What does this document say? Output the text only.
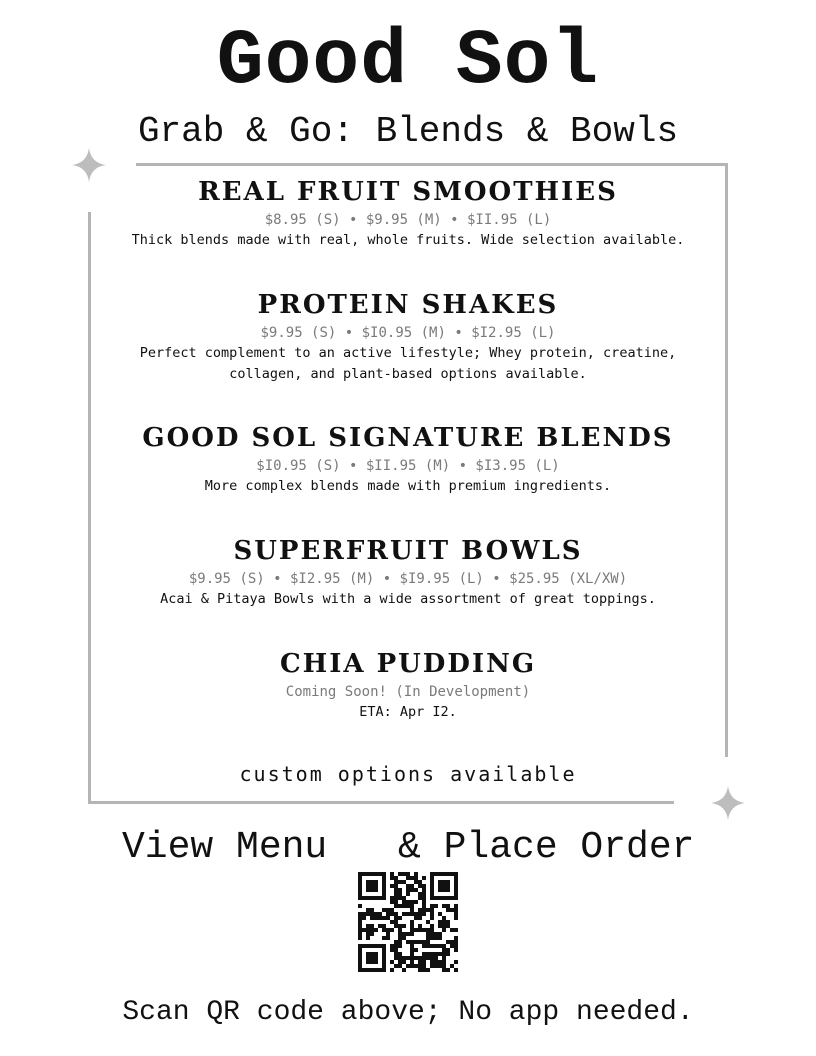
Good Sol
Grab & Go: Blends & Bowls
REAL FRUIT SMOOTHIES
$8.95 (S) • $9.95 (M) • $II.95 (L)
Thick blends made with real, whole fruits. Wide selection available.
PROTEIN SHAKES
$9.95 (S) • $I0.95 (M) • $I2.95 (L)
Perfect complement to an active lifestyle; Whey protein, creatine, collagen, and plant-based options available.
GOOD SOL SIGNATURE BLENDS
$I0.95 (S) • $II.95 (M) • $I3.95 (L)
More complex blends made with premium ingredients.
SUPERFRUIT BOWLS
$9.95 (S) • $I2.95 (M) • $I9.95 (L) • $25.95 (XL/XW)
Acai & Pitaya Bowls with a wide assortment of great toppings.
CHIA PUDDING
Coming Soon! (In Development)
ETA: Apr I2.
custom options available
View Menu & Place Order
Scan QR code above; No app needed.
